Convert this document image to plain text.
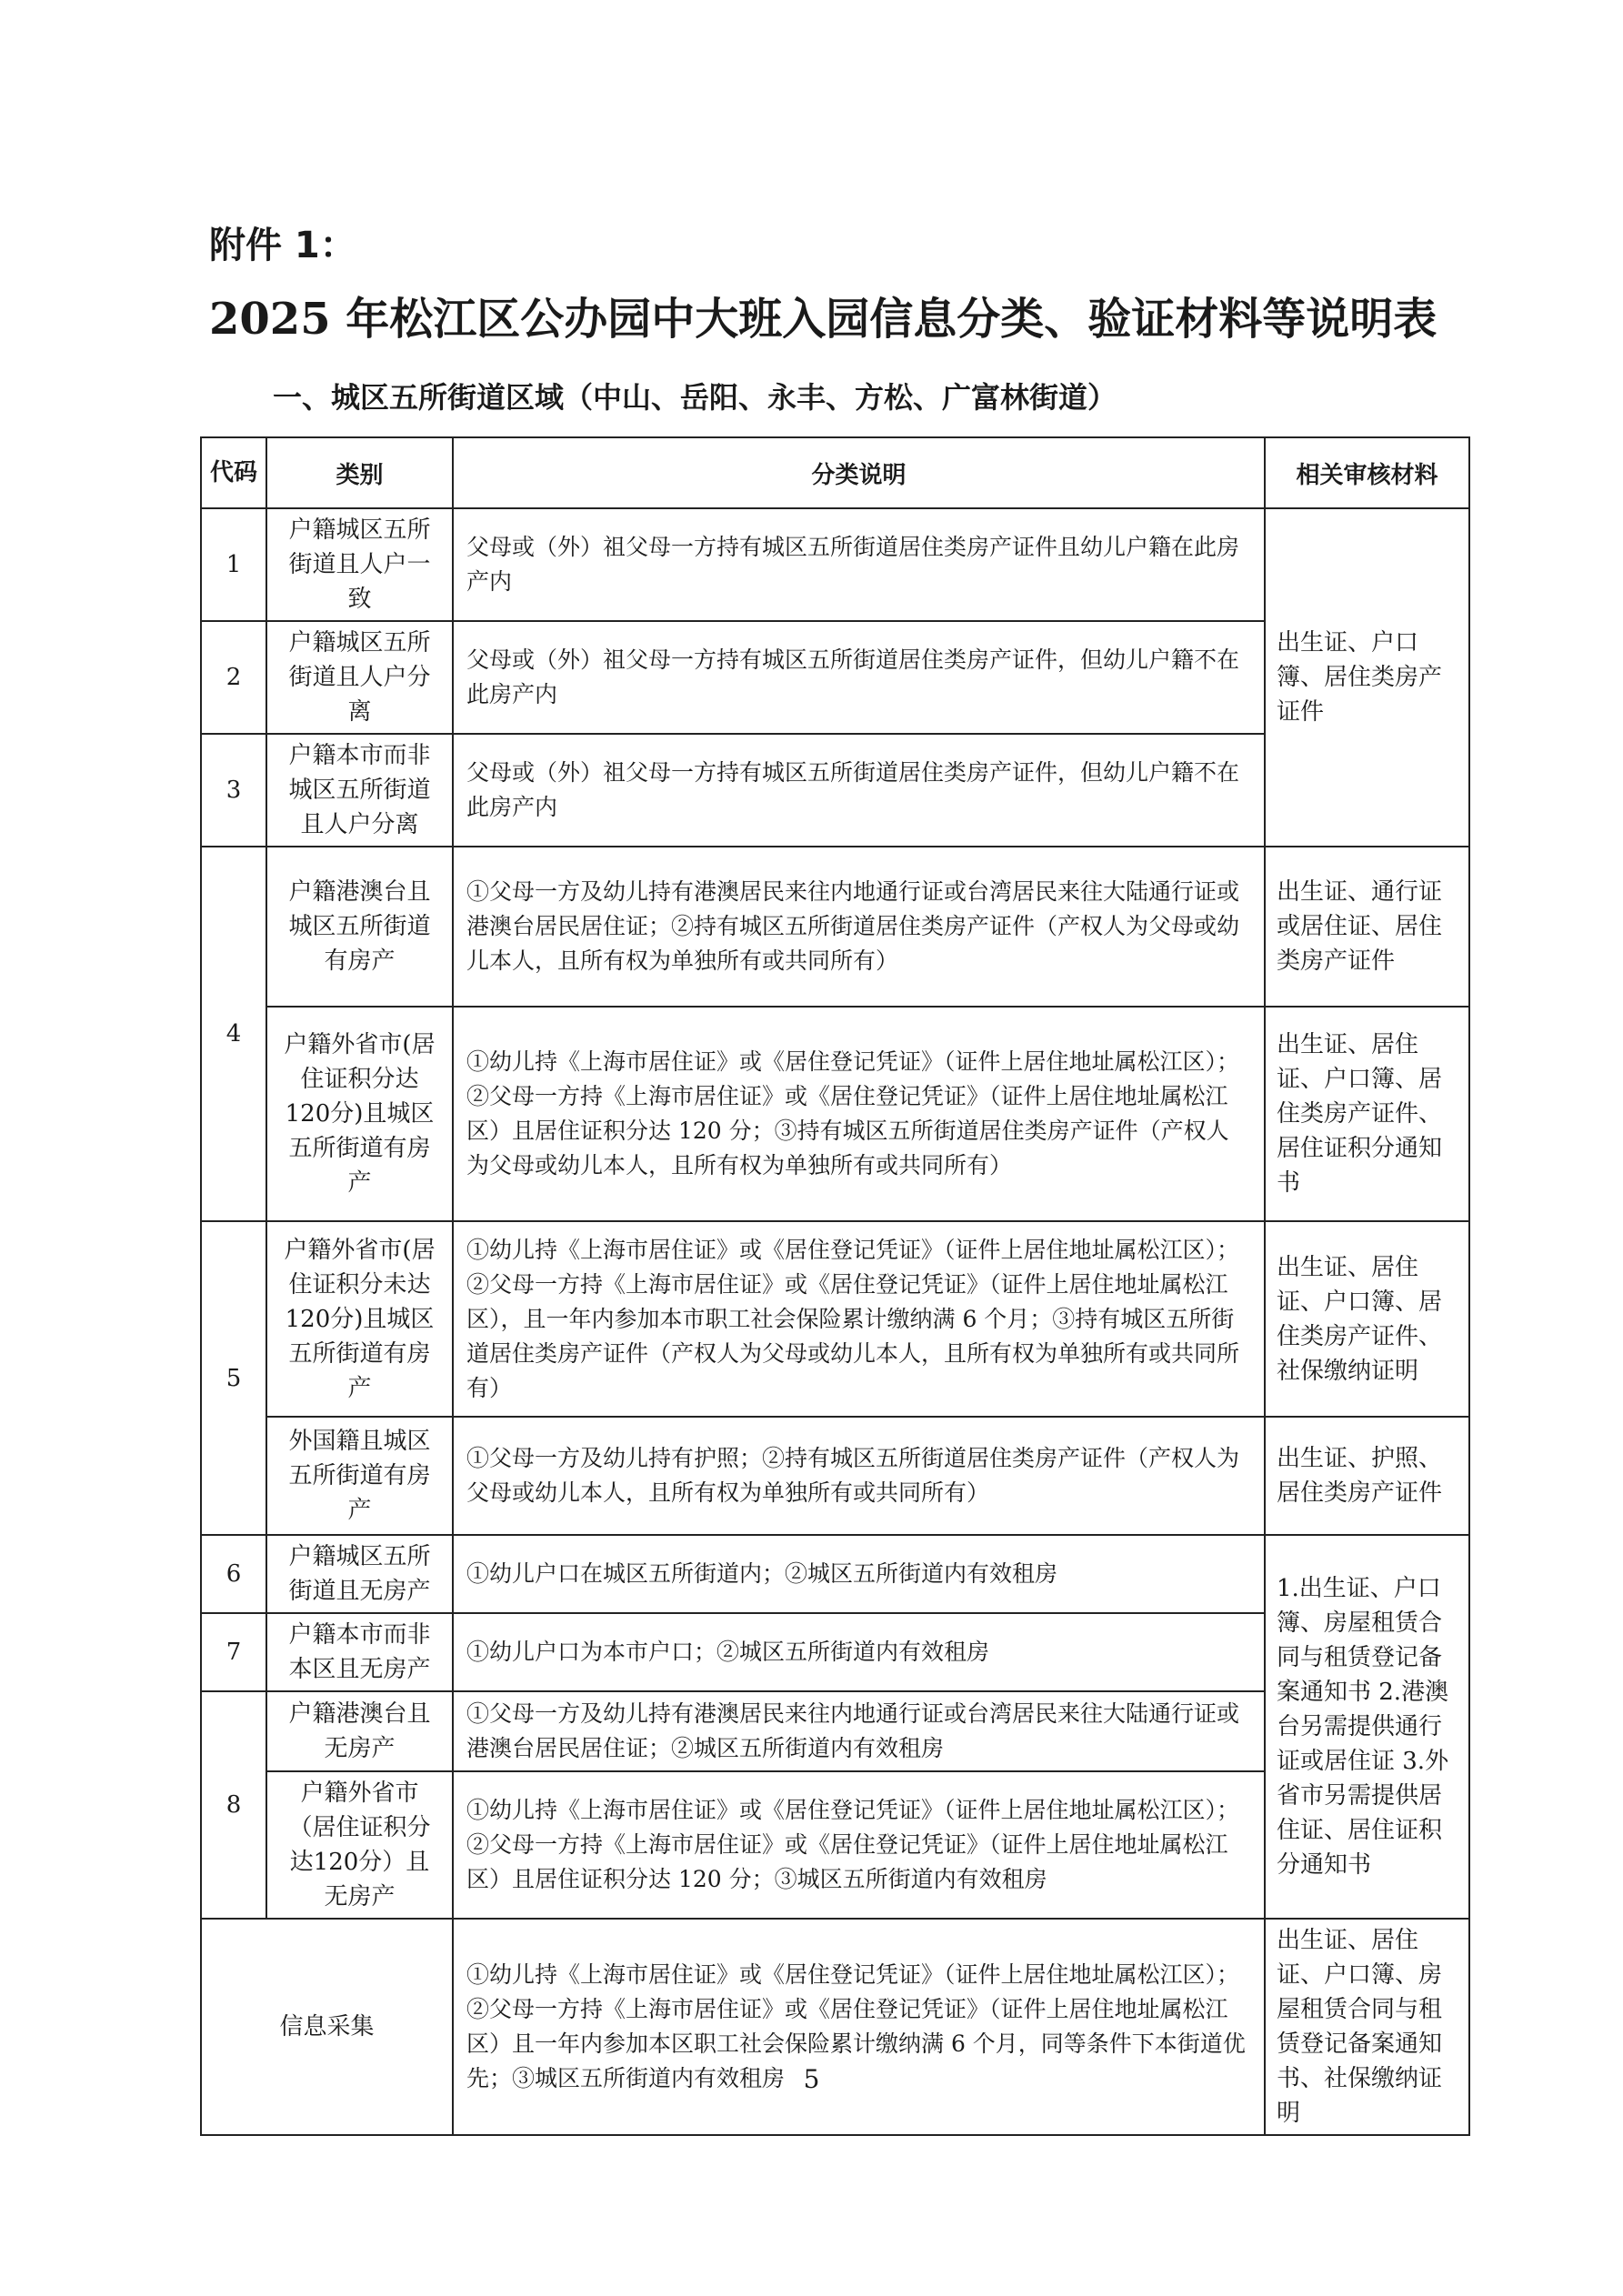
附件 1：
2025 年松江区公办园中大班入园信息分类、验证材料等说明表
一、城区五所街道区域（中山、岳阳、永丰、方松、广富林街道）
代码	类别	分类说明	相关审核材料
1	户籍城区五所街道且人户一致	父母或（外）祖父母一方持有城区五所街道居住类房产证件且幼儿户籍在此房产内	出生证、户口簿、居住类房产证件
2	户籍城区五所街道且人户分离	父母或（外）祖父母一方持有城区五所街道居住类房产证件，但幼儿户籍不在此房产内	
3	户籍本市而非城区五所街道且人户分离	父母或（外）祖父母一方持有城区五所街道居住类房产证件，但幼儿户籍不在此房产内	
4	户籍港澳台且城区五所街道有房产	①父母一方及幼儿持有港澳居民来往内地通行证或台湾居民来往大陆通行证或港澳台居民居住证；②持有城区五所街道居住类房产证件（产权人为父母或幼儿本人，且所有权为单独所有或共同所有）	出生证、通行证或居住证、居住类房产证件
	户籍外省市(居住证积分达120分)且城区五所街道有房产	①幼儿持《上海市居住证》或《居住登记凭证》（证件上居住地址属松江区）；②父母一方持《上海市居住证》或《居住登记凭证》（证件上居住地址属松江区）且居住证积分达 120 分；③持有城区五所街道居住类房产证件（产权人为父母或幼儿本人，且所有权为单独所有或共同所有）	出生证、居住证、户口簿、居住类房产证件、居住证积分通知书
5	户籍外省市(居住证积分未达120分)且城区五所街道有房产	①幼儿持《上海市居住证》或《居住登记凭证》（证件上居住地址属松江区）；②父母一方持《上海市居住证》或《居住登记凭证》（证件上居住地址属松江区），且一年内参加本市职工社会保险累计缴纳满 6 个月；③持有城区五所街道居住类房产证件（产权人为父母或幼儿本人，且所有权为单独所有或共同所有）	出生证、居住证、户口簿、居住类房产证件、社保缴纳证明
	外国籍且城区五所街道有房产	①父母一方及幼儿持有护照；②持有城区五所街道居住类房产证件（产权人为父母或幼儿本人，且所有权为单独所有或共同所有）	出生证、护照、居住类房产证件
6	户籍城区五所街道且无房产	①幼儿户口在城区五所街道内；②城区五所街道内有效租房	1.出生证、户口簿、房屋租赁合同与租赁登记备案通知书 2.港澳台另需提供通行证或居住证 3.外省市另需提供居住证、居住证积分通知书
7	户籍本市而非本区且无房产	①幼儿户口为本市户口；②城区五所街道内有效租房	
8	户籍港澳台且无房产	①父母一方及幼儿持有港澳居民来往内地通行证或台湾居民来往大陆通行证或港澳台居民居住证；②城区五所街道内有效租房	
	户籍外省市（居住证积分达120分）且无房产	①幼儿持《上海市居住证》或《居住登记凭证》（证件上居住地址属松江区）；②父母一方持《上海市居住证》或《居住登记凭证》（证件上居住地址属松江区）且居住证积分达 120 分；③城区五所街道内有效租房	
信息采集		①幼儿持《上海市居住证》或《居住登记凭证》（证件上居住地址属松江区）；②父母一方持《上海市居住证》或《居住登记凭证》（证件上居住地址属松江区）且一年内参加本区职工社会保险累计缴纳满 6 个月，同等条件下本街道优先；③城区五所街道内有效租房	出生证、居住证、户口簿、房屋租赁合同与租赁登记备案通知书、社保缴纳证明
5
